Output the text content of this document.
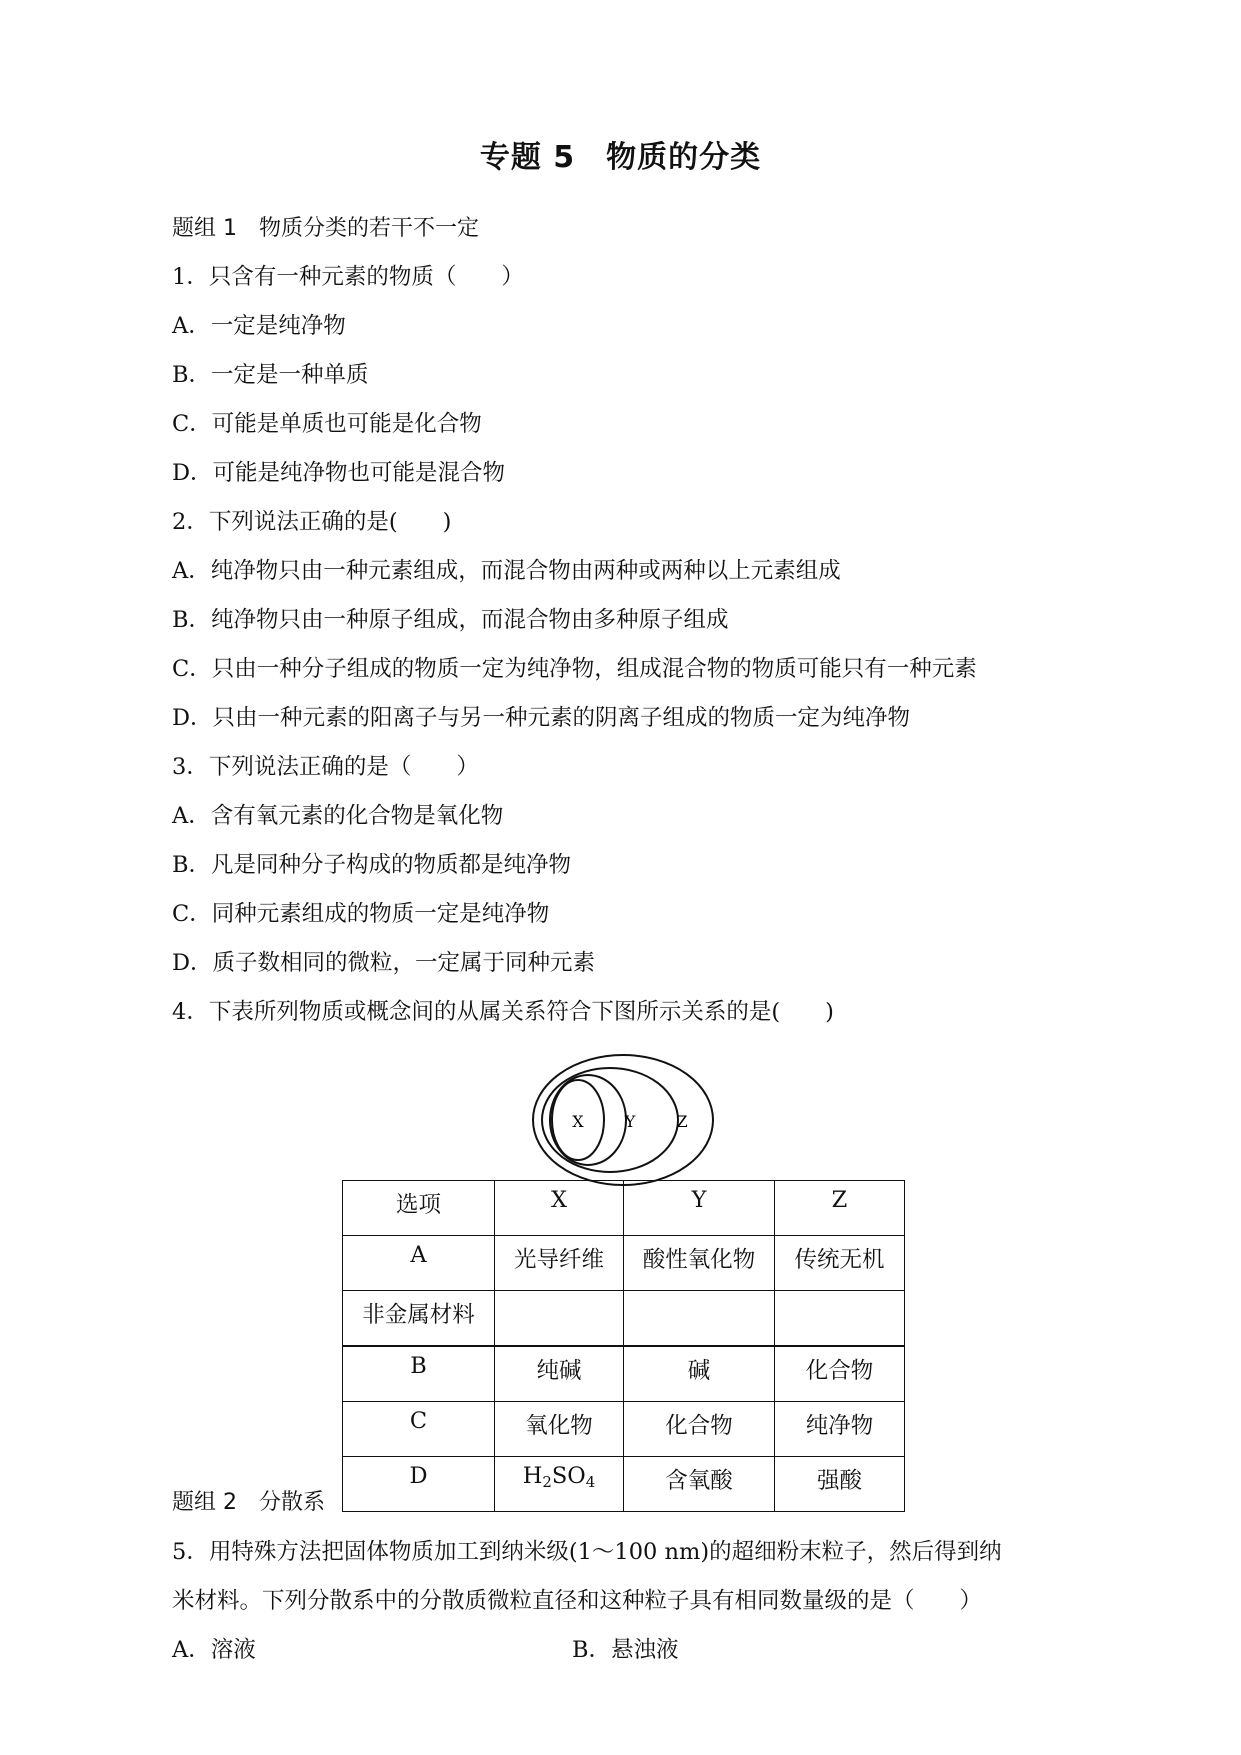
专题 5　物质的分类
题组 1　物质分类的若干不一定
1．只含有一种元素的物质（　　）
A．一定是纯净物
B．一定是一种单质
C．可能是单质也可能是化合物
D．可能是纯净物也可能是混合物
2．下列说法正确的是(　　)
A．纯净物只由一种元素组成，而混合物由两种或两种以上元素组成
B．纯净物只由一种原子组成，而混合物由多种原子组成
C．只由一种分子组成的物质一定为纯净物，组成混合物的物质可能只有一种元素
D．只由一种元素的阳离子与另一种元素的阴离子组成的物质一定为纯净物
3．下列说法正确的是（　　）
A．含有氧元素的化合物是氧化物
B．凡是同种分子构成的物质都是纯净物
C．同种元素组成的物质一定是纯净物
D．质子数相同的微粒，一定属于同种元素
4．下表所列物质或概念间的从属关系符合下图所示关系的是(　　)
X	Y	Z
选项	X	Y	Z
A	光导纤维	酸性氧化物	传统无机
非金属材料			
B	纯碱	碱	化合物
C	氧化物	化合物	纯净物
D	$H_2SO_4$	含氧酸	强酸
题组 2　分散系
5．用特殊方法把固体物质加工到纳米级(1～100 nm)的超细粉末粒子，然后得到纳
米材料。下列分散系中的分散质微粒直径和这种粒子具有相同数量级的是（　　）
A．溶液	B．悬浊液
